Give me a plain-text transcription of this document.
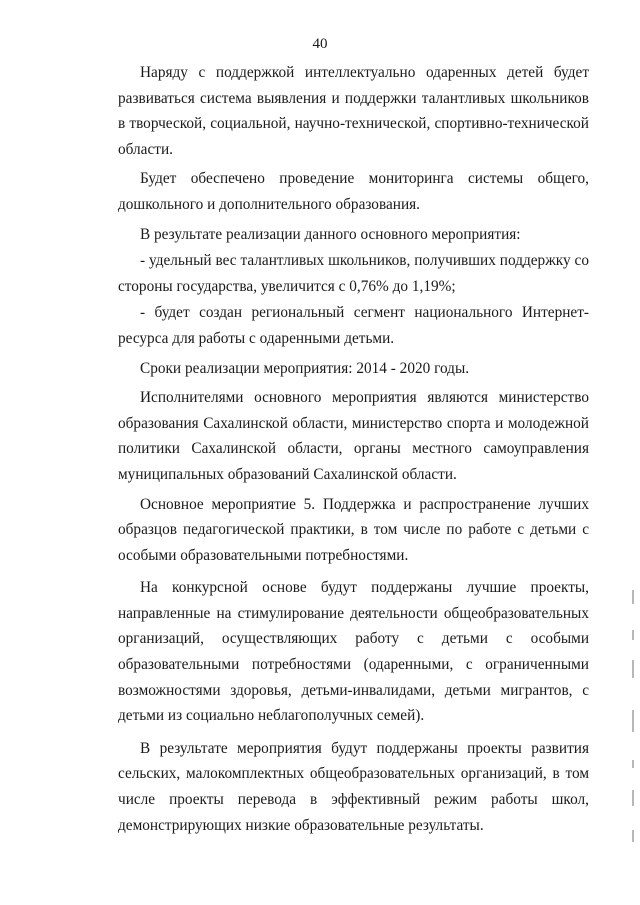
40

Наряду с поддержкой интеллектуально одаренных детей будет развиваться система выявления и поддержки талантливых школьников в творческой, социальной, научно-технической, спортивно-технической области.

Будет обеспечено проведение мониторинга системы общего, дошкольного и дополнительного образования.

В результате реализации данного основного мероприятия:

- удельный вес талантливых школьников, получивших поддержку со стороны государства, увеличится с 0,76% до 1,19%;

- будет создан региональный сегмент национального Интернет-ресурса для работы с одаренными детьми.

Сроки реализации мероприятия: 2014 - 2020 годы.

Исполнителями основного мероприятия являются министерство образования Сахалинской области, министерство спорта и молодежной политики Сахалинской области, органы местного самоуправления муниципальных образований Сахалинской области.

Основное мероприятие 5. Поддержка и распространение лучших образцов педагогической практики, в том числе по работе с детьми с особыми образовательными потребностями.

На конкурсной основе будут поддержаны лучшие проекты, направленные на стимулирование деятельности общеобразовательных организаций, осуществляющих работу с детьми с особыми образовательными потребностями (одаренными, с ограниченными возможностями здоровья, детьми-инвалидами, детьми мигрантов, с детьми из социально неблагополучных семей).

В результате мероприятия будут поддержаны проекты развития сельских, малокомплектных общеобразовательных организаций, в том числе проекты перевода в эффективный режим работы школ, демонстрирующих низкие образовательные результаты.
